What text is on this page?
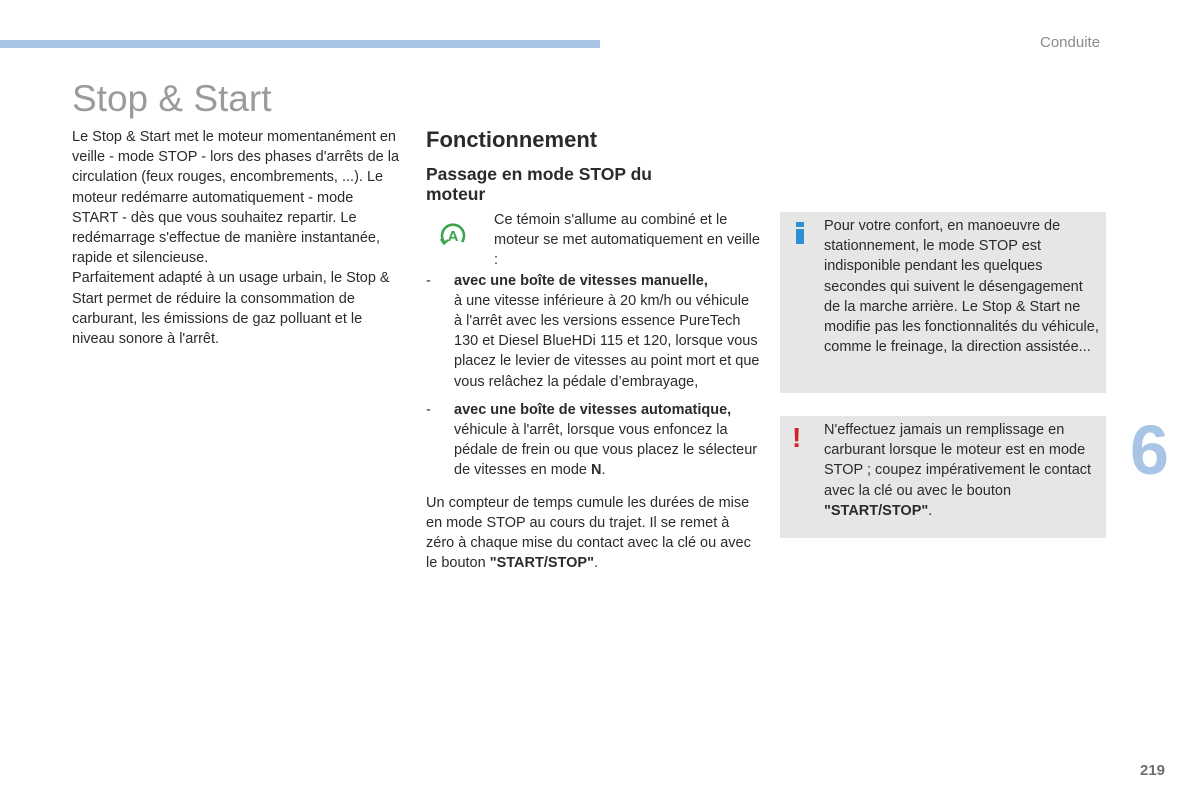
Conduite
Stop & Start

Le Stop & Start met le moteur momentanément en veille - mode STOP - lors des phases d'arrêts de la circulation (feux rouges, encombrements, ...). Le moteur redémarre automatiquement - mode START - dès que vous souhaitez repartir. Le redémarrage s'effectue de manière instantanée, rapide et silencieuse.

Parfaitement adapté à un usage urbain, le Stop & Start permet de réduire la consommation de carburant, les émissions de gaz polluant et le niveau sonore à l'arrêt.

Fonctionnement
Passage en mode STOP du moteur
A
Ce témoin s'allume au combiné et le moteur se met automatiquement en veille :
- avec une boîte de vitesses manuelle,
à une vitesse inférieure à 20 km/h ou véhicule à l'arrêt avec les versions essence PureTech 130 et Diesel BlueHDi 115 et 120, lorsque vous placez le levier de vitesses au point mort et que vous relâchez la pédale d’embrayage,
- avec une boîte de vitesses automatique,
véhicule à l'arrêt, lorsque vous enfoncez la pédale de frein ou que vous placez le sélecteur de vitesses en mode N.
Un compteur de temps cumule les durées de mise en mode STOP au cours du trajet. Il se remet à zéro à chaque mise du contact avec la clé ou avec le bouton "START/STOP".
Pour votre confort, en manoeuvre de stationnement, le mode STOP est indisponible pendant les quelques secondes qui suivent le désengagement de la marche arrière. Le Stop & Start ne modifie pas les fonctionnalités du véhicule, comme le freinage, la direction assistée...
! N'effectuez jamais un remplissage en carburant lorsque le moteur est en mode STOP ; coupez impérativement le contact avec la clé ou avec le bouton "START/STOP".
6
219
